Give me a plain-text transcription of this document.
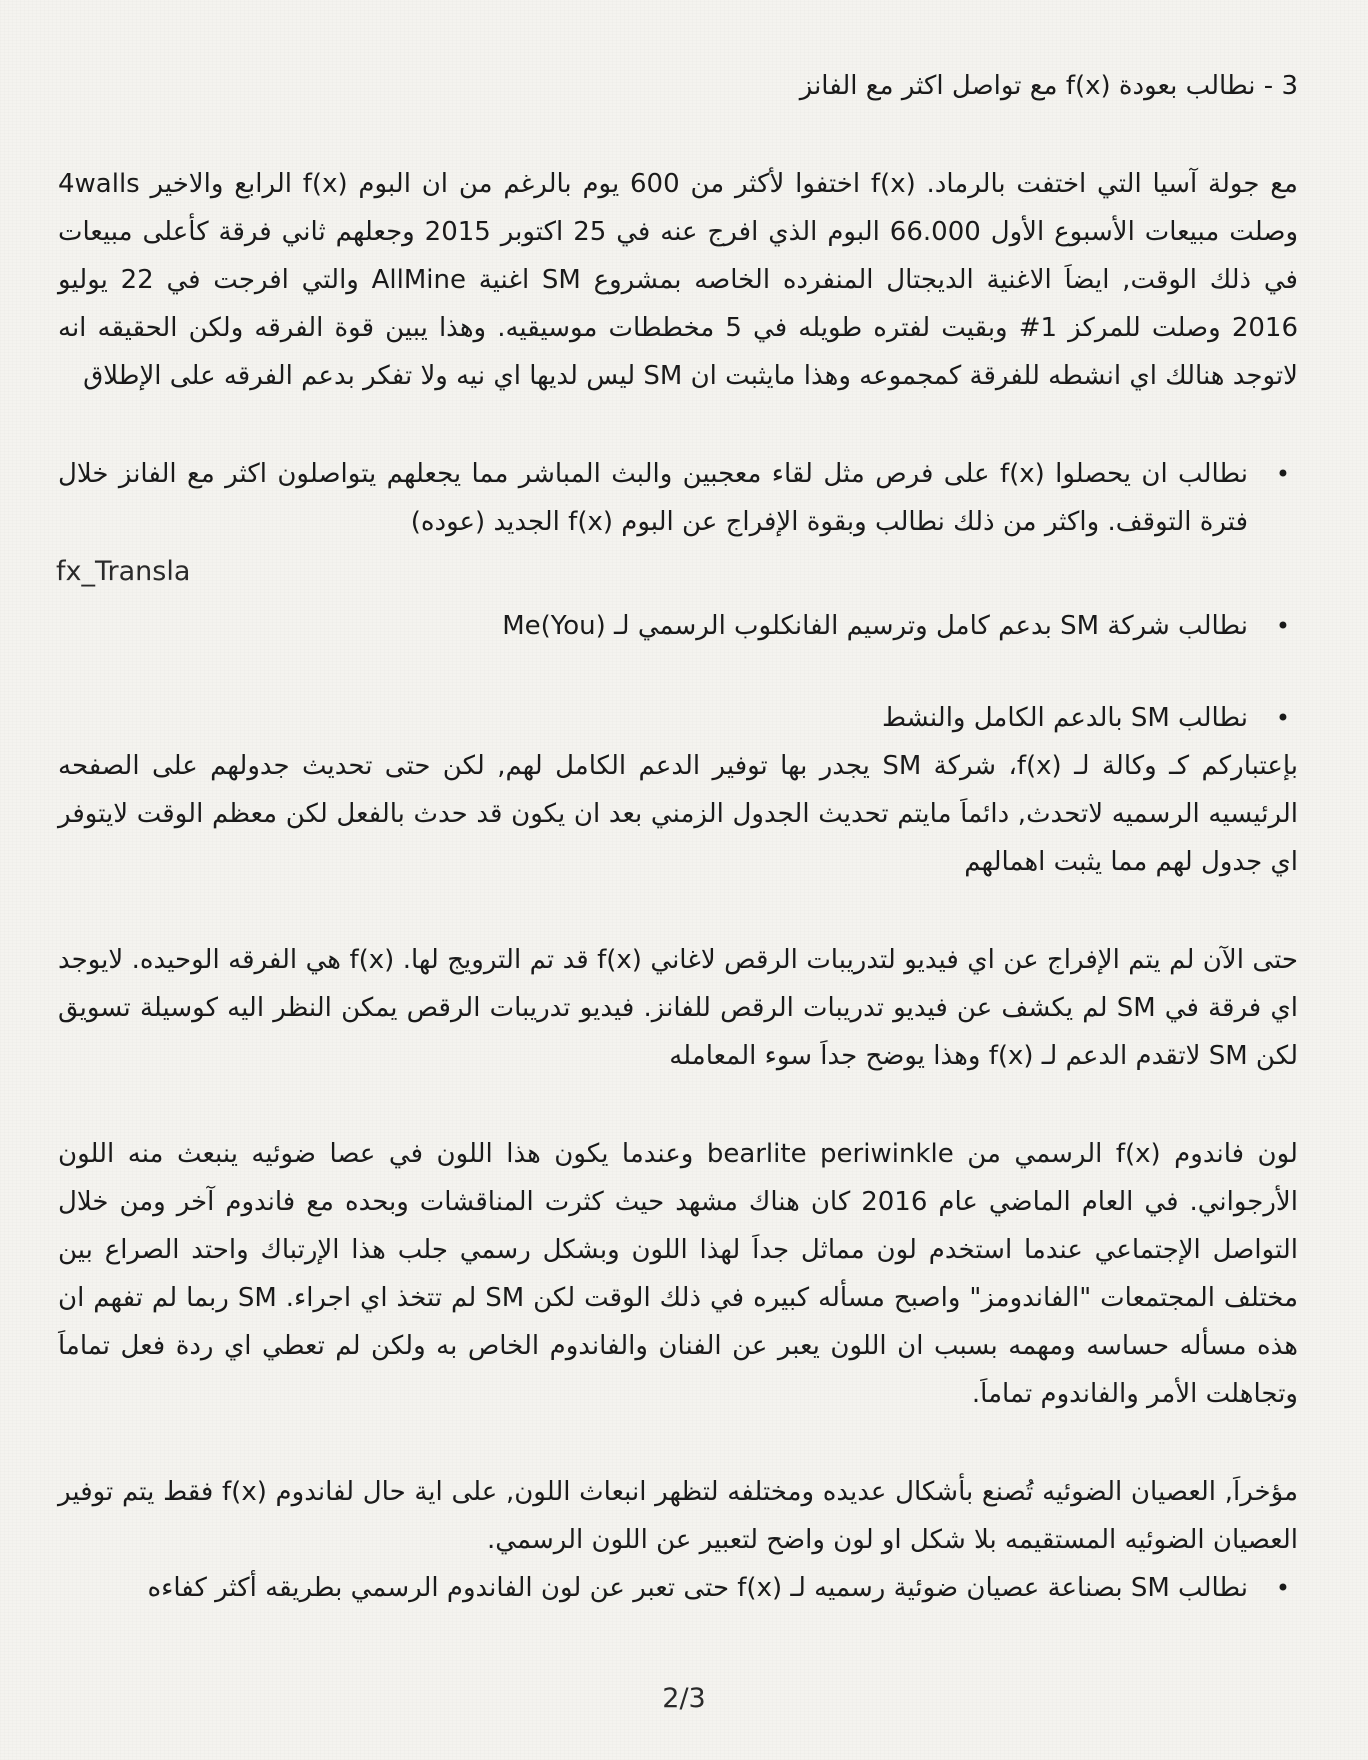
3 - نطالب بعودة f(x) مع تواصل اكثر مع الفانز

مع جولة آسيا التي اختفت بالرماد. f(x) اختفوا لأكثر من 600 يوم بالرغم من ان البوم f(x) الرابع والاخير 4walls وصلت مبيعات الأسبوع الأول 66.000 البوم الذي افرج عنه في 25 اكتوبر 2015 وجعلهم ثاني فرقة كأعلى مبيعات في ذلك الوقت, ايضاَ الاغنية الديجتال المنفرده الخاصه بمشروع SM اغنية AllMine والتي افرجت في 22 يوليو 2016 وصلت للمركز 1# وبقيت لفتره طويله في 5 مخططات موسيقيه. وهذا يبين قوة الفرقه ولكن الحقيقه انه لاتوجد هنالك اي انشطه للفرقة كمجموعه وهذا مايثبت ان SM ليس لديها اي نيه ولا تفكر بدعم الفرقه على الإطلاق

•
نطالب ان يحصلوا f(x) على فرص مثل لقاء معجبين والبث المباشر مما يجعلهم يتواصلون اكثر مع الفانز خلال فترة التوقف. واكثر من ذلك نطالب وبقوة الإفراج عن البوم f(x) الجديد (عوده)
fx_Transla
•
نطالب شركة SM بدعم كامل وترسيم الفانكلوب الرسمي لـ Me(You)
•
نطالب SM بالدعم الكامل والنشط

بإعتباركم كـ وكالة لـ f(x)، شركة SM يجدر بها توفير الدعم الكامل لهم, لكن حتى تحديث جدولهم على الصفحه الرئيسيه الرسميه لاتحدث, دائماَ مايتم تحديث الجدول الزمني بعد ان يكون قد حدث بالفعل لكن معظم الوقت لايتوفر اي جدول لهم مما يثبت اهمالهم

حتى الآن لم يتم الإفراج عن اي فيديو لتدريبات الرقص لاغاني f(x) قد تم الترويج لها. f(x) هي الفرقه الوحيده. لايوجد اي فرقة في SM لم يكشف عن فيديو تدريبات الرقص للفانز. فيديو تدريبات الرقص يمكن النظر اليه كوسيلة تسويق لكن SM لاتقدم الدعم لـ f(x) وهذا يوضح جداَ سوء المعامله

لون فاندوم f(x) الرسمي من bearlite periwinkle وعندما يكون هذا اللون في عصا ضوئيه ينبعث منه اللون الأرجواني. في العام الماضي عام 2016 كان هناك مشهد حيث كثرت المناقشات وبحده مع فاندوم آخر ومن خلال التواصل الإجتماعي عندما استخدم لون مماثل جداَ لهذا اللون وبشكل رسمي جلب هذا الإرتباك واحتد الصراع بين مختلف المجتمعات "الفاندومز" واصبح مسأله كبيره في ذلك الوقت لكن SM لم تتخذ اي اجراء. SM ربما لم تفهم ان هذه مسأله حساسه ومهمه بسبب ان اللون يعبر عن الفنان والفاندوم الخاص به ولكن لم تعطي اي ردة فعل تماماَ وتجاهلت الأمر والفاندوم تماماَ.

مؤخراَ, العصيان الضوئيه تُصنع بأشكال عديده ومختلفه لتظهر انبعاث اللون, على اية حال لفاندوم f(x) فقط يتم توفير العصيان الضوئيه المستقيمه بلا شكل او لون واضح لتعبير عن اللون الرسمي.

•
نطالب SM بصناعة عصيان ضوئية رسميه لـ f(x) حتى تعبر عن لون الفاندوم الرسمي بطريقه أكثر كفاءه
2/3
